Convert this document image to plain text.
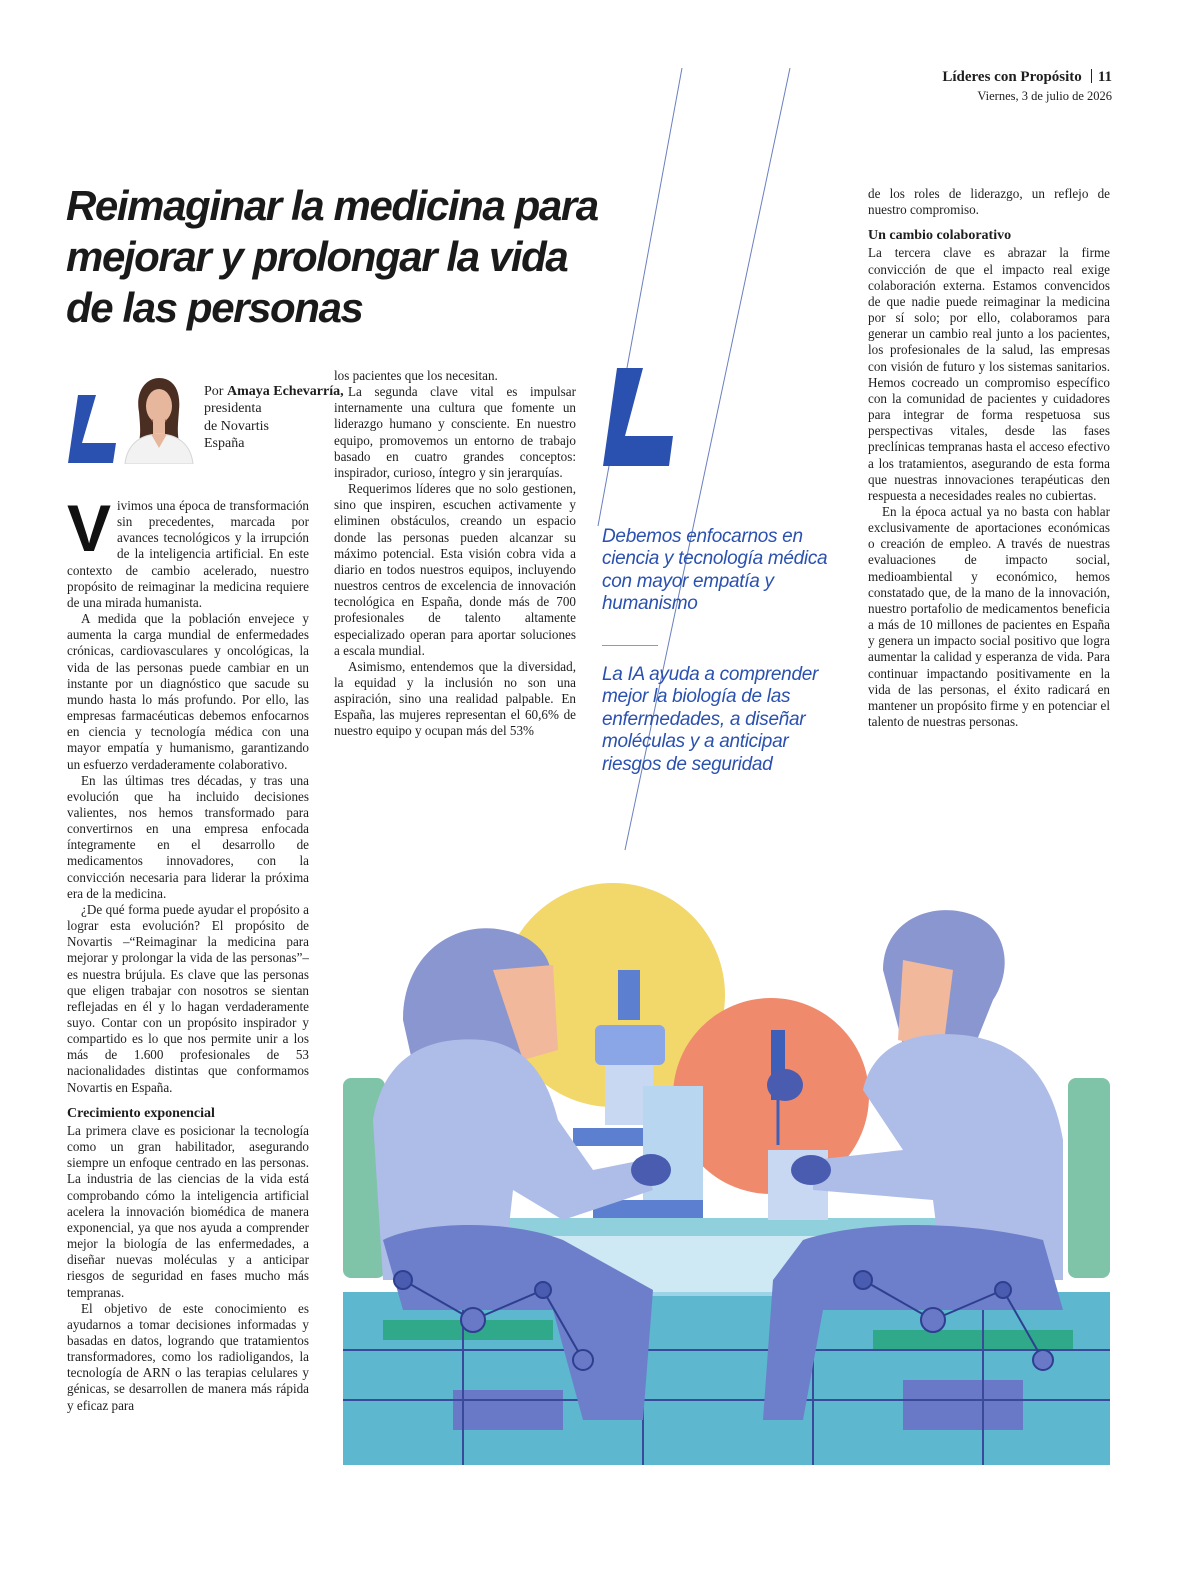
Líderes con Propósito 11
Viernes, 3 de julio de 2026
Reimaginar la medicina para mejorar y prolongar la vida de las personas
Por Amaya Echevarría,
presidenta
de Novartis
España

Vivimos una época de transformación sin precedentes, marcada por avances tecnológicos y la irrupción de la inteligencia artificial. En este contexto de cambio acelerado, nuestro propósito de reimaginar la medicina requiere de una mirada humanista.

A medida que la población envejece y aumenta la carga mundial de enfermedades crónicas, cardiovasculares y oncológicas, la vida de las personas puede cambiar en un instante por un diagnóstico que sacude su mundo hasta lo más profundo. Por ello, las empresas farmacéuticas debemos enfocarnos en ciencia y tecnología médica con una mayor empatía y humanismo, garantizando un esfuerzo verdaderamente colaborativo.

En las últimas tres décadas, y tras una evolución que ha incluido decisiones valientes, nos hemos transformado para convertirnos en una empresa enfocada íntegramente en el desarrollo de medicamentos innovadores, con la convicción necesaria para liderar la próxima era de la medicina.

¿De qué forma puede ayudar el propósito a lograr esta evolución? El propósito de Novartis –“Reimaginar la medicina para mejorar y prolongar la vida de las personas”– es nuestra brújula. Es clave que las personas que eligen trabajar con nosotros se sientan reflejadas en él y lo hagan verdaderamente suyo. Contar con un propósito inspirador y compartido es lo que nos permite unir a los más de 1.600 profesionales de 53 nacionalidades distintas que conformamos Novartis en España.

Crecimiento exponencial

La primera clave es posicionar la tecnología como un gran habilitador, asegurando siempre un enfoque centrado en las personas. La industria de las ciencias de la vida está comprobando cómo la inteligencia artificial acelera la innovación biomédica de manera exponencial, ya que nos ayuda a comprender mejor la biología de las enfermedades, a diseñar nuevas moléculas y a anticipar riesgos de seguridad en fases mucho más tempranas.

El objetivo de este conocimiento es ayudarnos a tomar decisiones informadas y basadas en datos, logrando que tratamientos transformadores, como los radioligandos, la tecnología de ARN o las terapias celulares y génicas, se desarrollen de manera más rápida y eficaz para

los pacientes que los necesitan.

La segunda clave vital es impulsar internamente una cultura que fomente un liderazgo humano y consciente. En nuestro equipo, promovemos un entorno de trabajo basado en cuatro grandes conceptos: inspirador, curioso, íntegro y sin jerarquías.

Requerimos líderes que no solo gestionen, sino que inspiren, escuchen activamente y eliminen obstáculos, creando un espacio donde las personas pueden alcanzar su máximo potencial. Esta visión cobra vida a diario en todos nuestros equipos, incluyendo nuestros centros de excelencia de innovación tecnológica en España, donde más de 700 profesionales de talento altamente especializado operan para aportar soluciones a escala mundial.

Asimismo, entendemos que la diversidad, la equidad y la inclusión no son una aspiración, sino una realidad palpable. En España, las mujeres representan el 60,6% de nuestro equipo y ocupan más del 53%

Debemos enfocarnos en ciencia y tecnología médica con mayor empatía y humanismo
La IA ayuda a comprender mejor la biología de las enfermedades, a diseñar moléculas y a anticipar riesgos de seguridad

de los roles de liderazgo, un reflejo de nuestro compromiso.

Un cambio colaborativo

La tercera clave es abrazar la firme convicción de que el impacto real exige colaboración externa. Estamos convencidos de que nadie puede reimaginar la medicina por sí solo; por ello, colaboramos para generar un cambio real junto a los pacientes, los profesionales de la salud, las empresas con visión de futuro y los sistemas sanitarios. Hemos cocreado un compromiso específico con la comunidad de pacientes y cuidadores para integrar de forma respetuosa sus perspectivas vitales, desde las fases preclínicas tempranas hasta el acceso efectivo a los tratamientos, asegurando de esta forma que nuestras innovaciones terapéuticas den respuesta a necesidades reales no cubiertas.

En la época actual ya no basta con hablar exclusivamente de aportaciones económicas o creación de empleo. A través de nuestras evaluaciones de impacto social, medioambiental y económico, hemos constatado que, de la mano de la innovación, nuestro portafolio de medicamentos beneficia a más de 10 millones de pacientes en España y genera un impacto social positivo que logra aumentar la calidad y esperanza de vida. Para continuar impactando positivamente en la vida de las personas, el éxito radicará en mantener un propósito firme y en potenciar el talento de nuestras personas.
